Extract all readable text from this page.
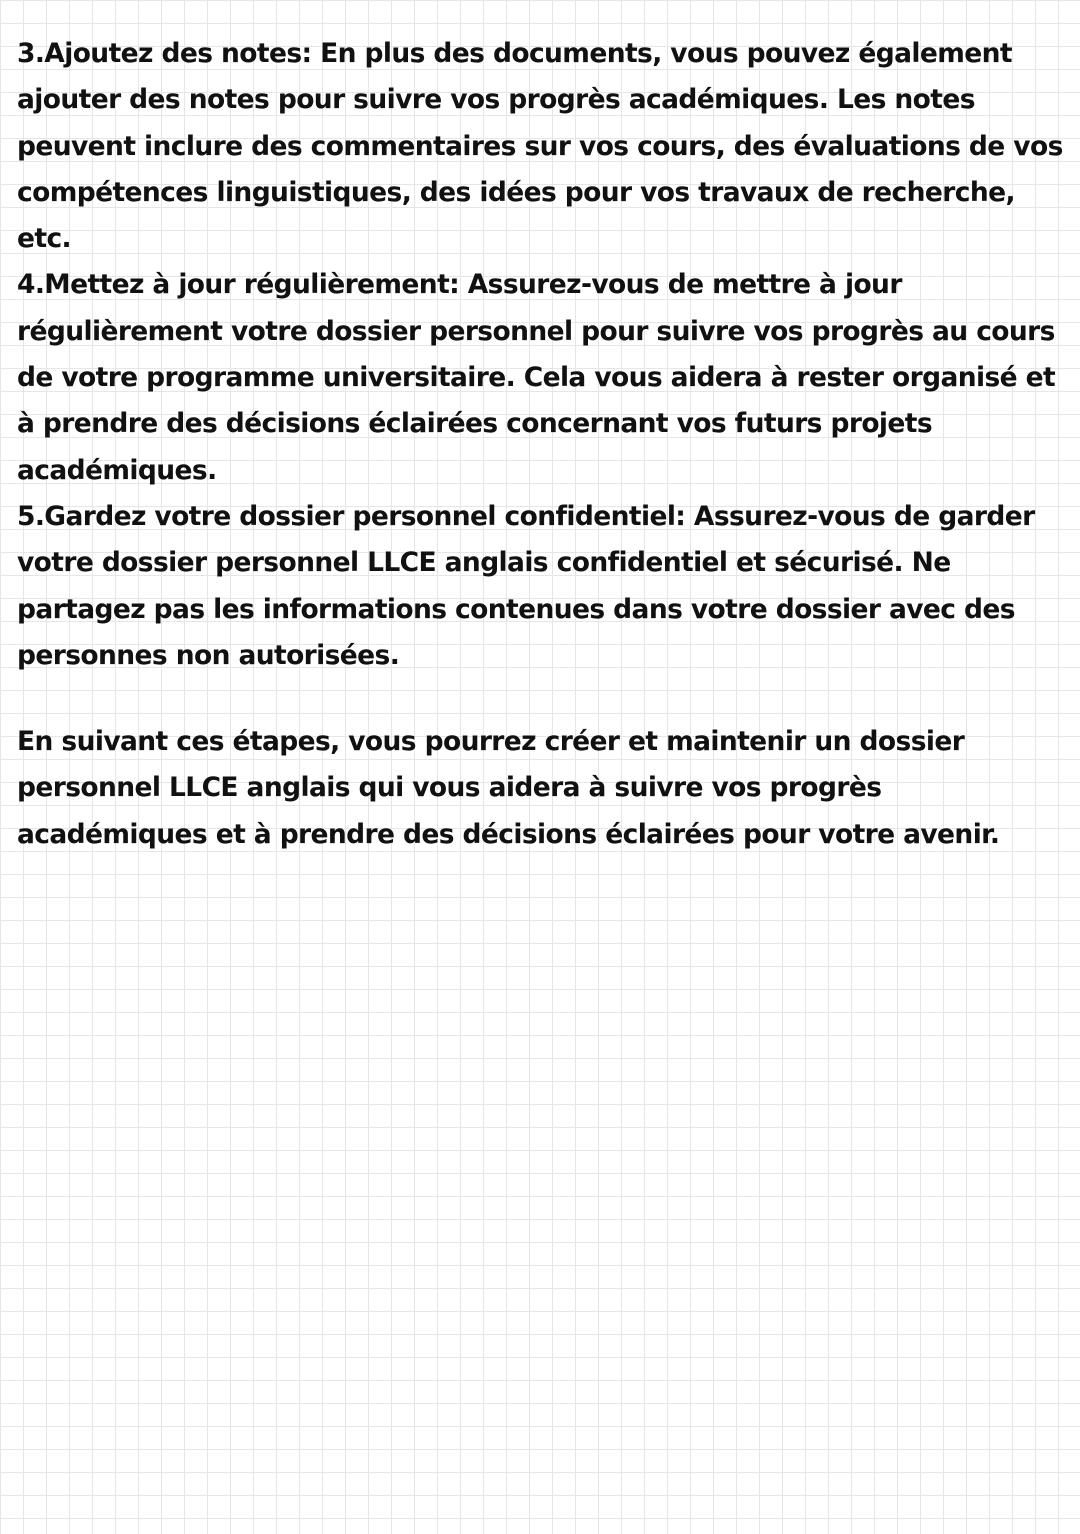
3.Ajoutez des notes: En plus des documents, vous pouvez également ajouter des notes pour suivre vos progrès académiques. Les notes peuvent inclure des commentaires sur vos cours, des évaluations de vos compétences linguistiques, des idées pour vos travaux de recherche, etc.

4.Mettez à jour régulièrement: Assurez-vous de mettre à jour régulièrement votre dossier personnel pour suivre vos progrès au cours de votre programme universitaire. Cela vous aidera à rester organisé et à prendre des décisions éclairées concernant vos futurs projets académiques.

5.Gardez votre dossier personnel confidentiel: Assurez-vous de garder votre dossier personnel LLCE anglais confidentiel et sécurisé. Ne partagez pas les informations contenues dans votre dossier avec des personnes non autorisées.

En suivant ces étapes, vous pourrez créer et maintenir un dossier personnel LLCE anglais qui vous aidera à suivre vos progrès académiques et à prendre des décisions éclairées pour votre avenir.
